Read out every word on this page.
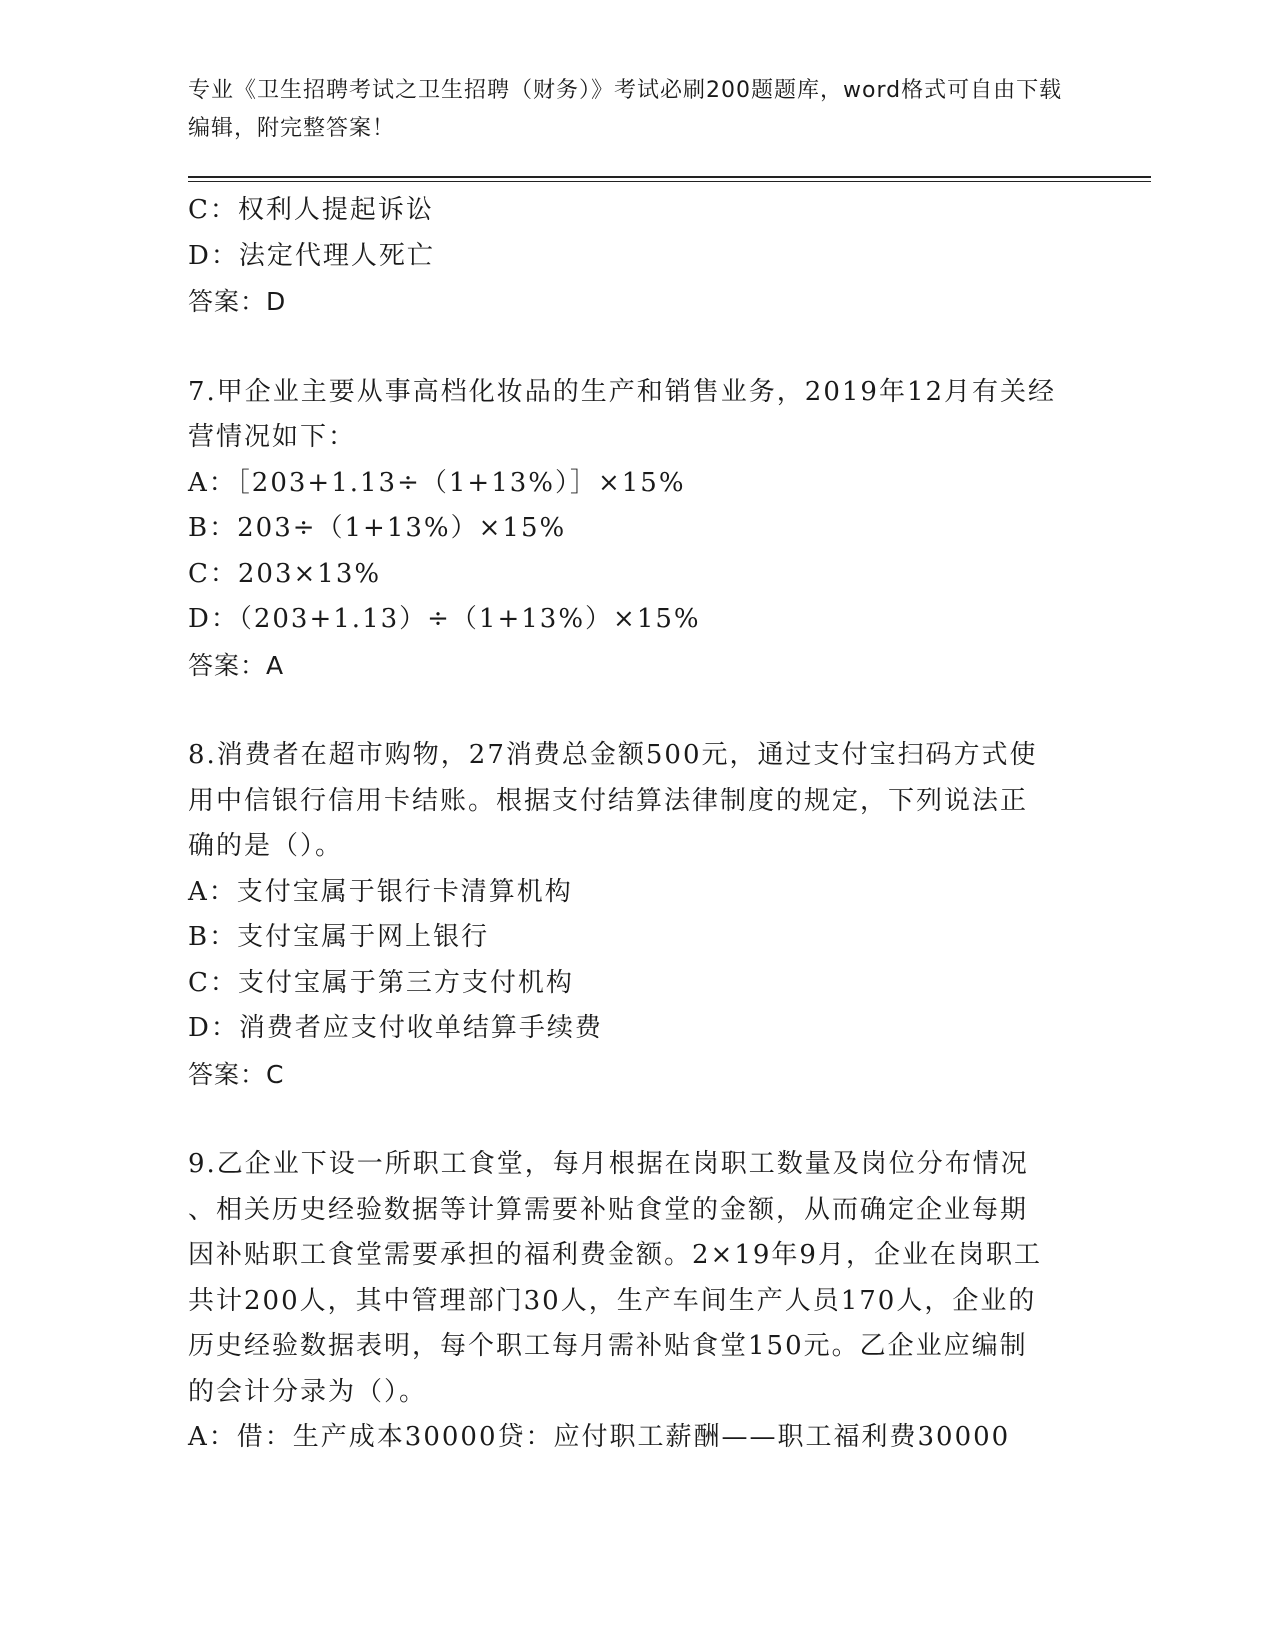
专业《卫生招聘考试之卫生招聘（财务）》考试必刷200题题库，word格式可自由下载编辑，附完整答案！
C：权利人提起诉讼
D：法定代理人死亡
答案：D
7.甲企业主要从事高档化妆品的生产和销售业务，2019年12月有关经
营情况如下：
A：［203+1.13÷（1+13%）］×15%
B：203÷（1+13%）×15%
C：203×13%
D：（203+1.13）÷（1+13%）×15%
答案：A
8.消费者在超市购物，27消费总金额500元，通过支付宝扫码方式使
用中信银行信用卡结账。根据支付结算法律制度的规定，下列说法正
确的是（）。
A：支付宝属于银行卡清算机构
B：支付宝属于网上银行
C：支付宝属于第三方支付机构
D：消费者应支付收单结算手续费
答案：C
9.乙企业下设一所职工食堂，每月根据在岗职工数量及岗位分布情况
、相关历史经验数据等计算需要补贴食堂的金额，从而确定企业每期
因补贴职工食堂需要承担的福利费金额。2×19年9月，企业在岗职工
共计200人，其中管理部门30人，生产车间生产人员170人，企业的
历史经验数据表明，每个职工每月需补贴食堂150元。乙企业应编制
的会计分录为（）。
A：借：生产成本30000贷：应付职工薪酬——职工福利费30000
